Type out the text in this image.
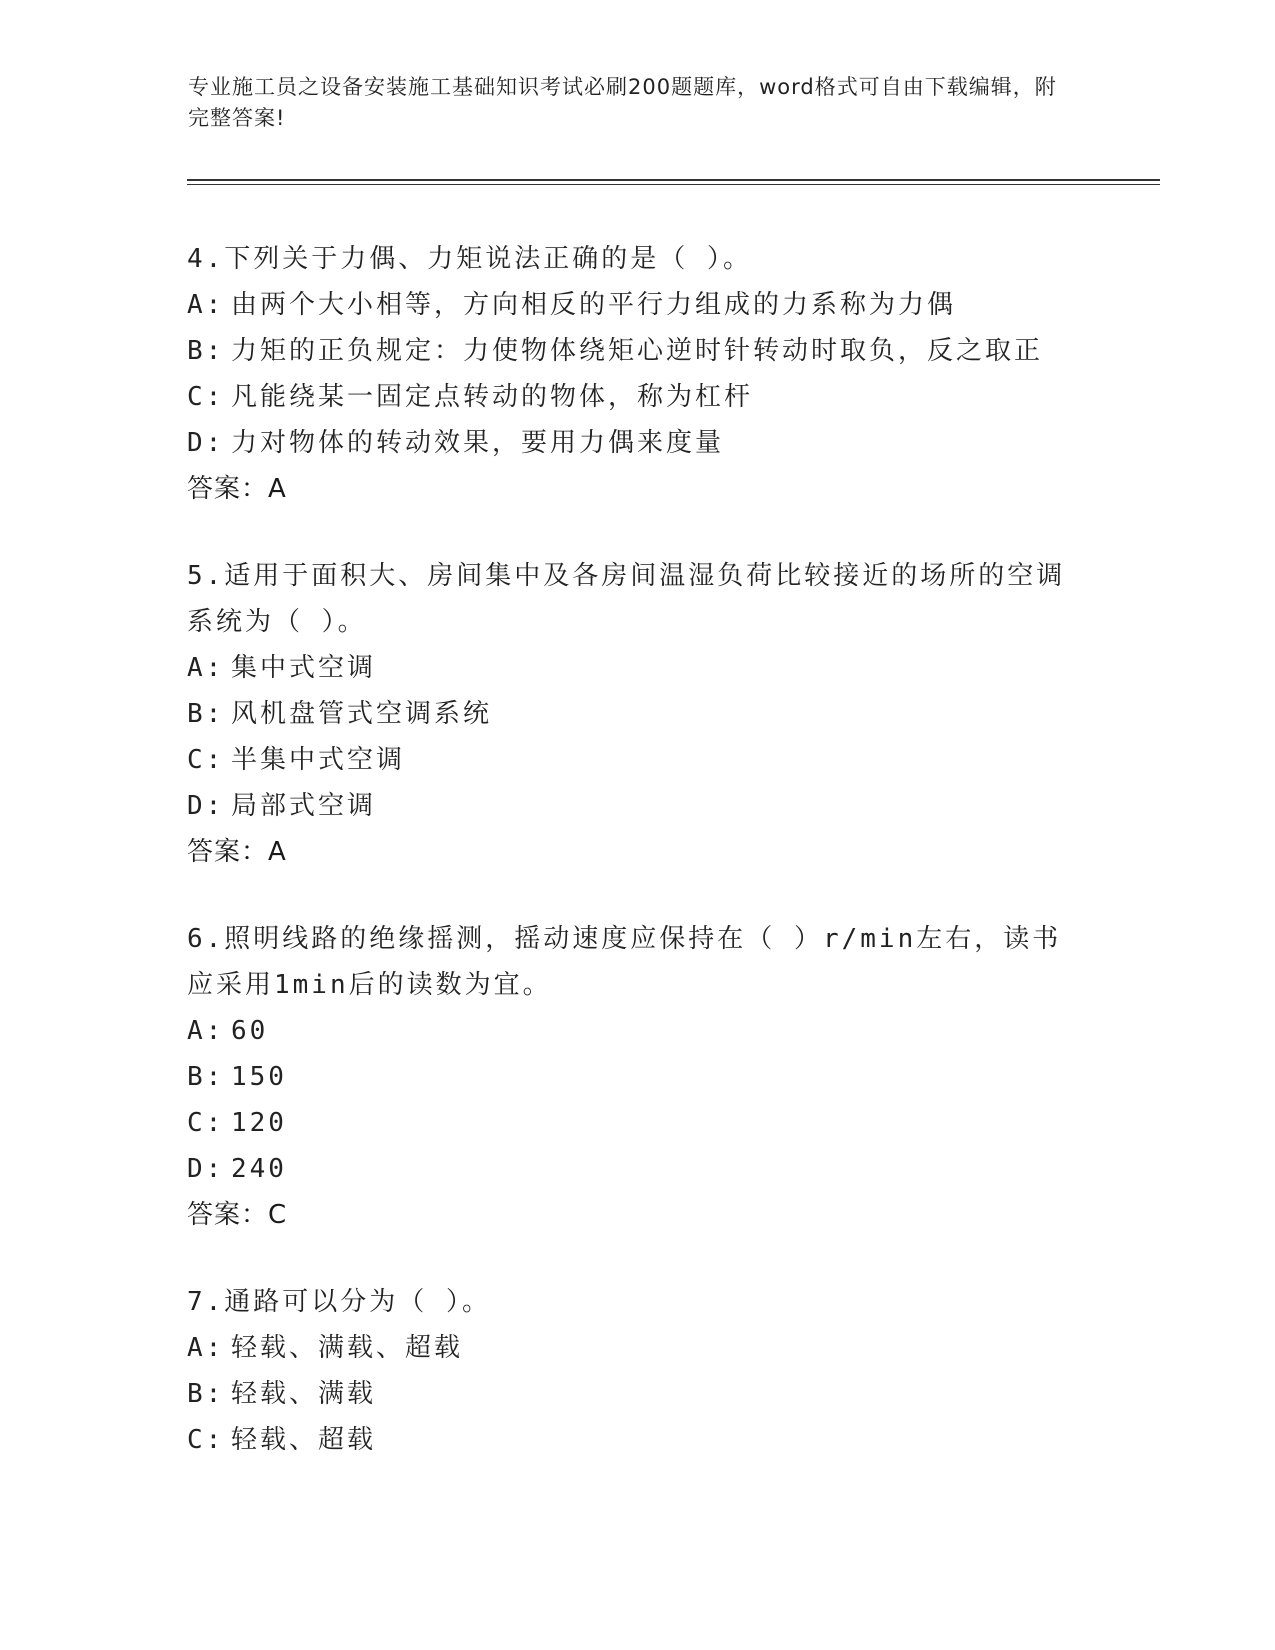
专业施工员之设备安装施工基础知识考试必刷200题题库，word格式可自由下载编辑，附完整答案!

4.下列关于力偶、力矩说法正确的是（ ）。

A: 由两个大小相等，方向相反的平行力组成的力系称为力偶

B: 力矩的正负规定：力使物体绕矩心逆时针转动时取负，反之取正

C: 凡能绕某一固定点转动的物体，称为杠杆

D: 力对物体的转动效果，要用力偶来度量

答案：A

5.适用于面积大、房间集中及各房间温湿负荷比较接近的场所的空调系统为（ ）。

A: 集中式空调

B: 风机盘管式空调系统

C: 半集中式空调

D: 局部式空调

答案：A

6.照明线路的绝缘摇测，摇动速度应保持在（ ）r/min左右，读书应采用1min后的读数为宜。

A: 60

B: 150

C: 120

D: 240

答案：C

7.通路可以分为（ ）。

A: 轻载、满载、超载

B: 轻载、满载

C: 轻载、超载
